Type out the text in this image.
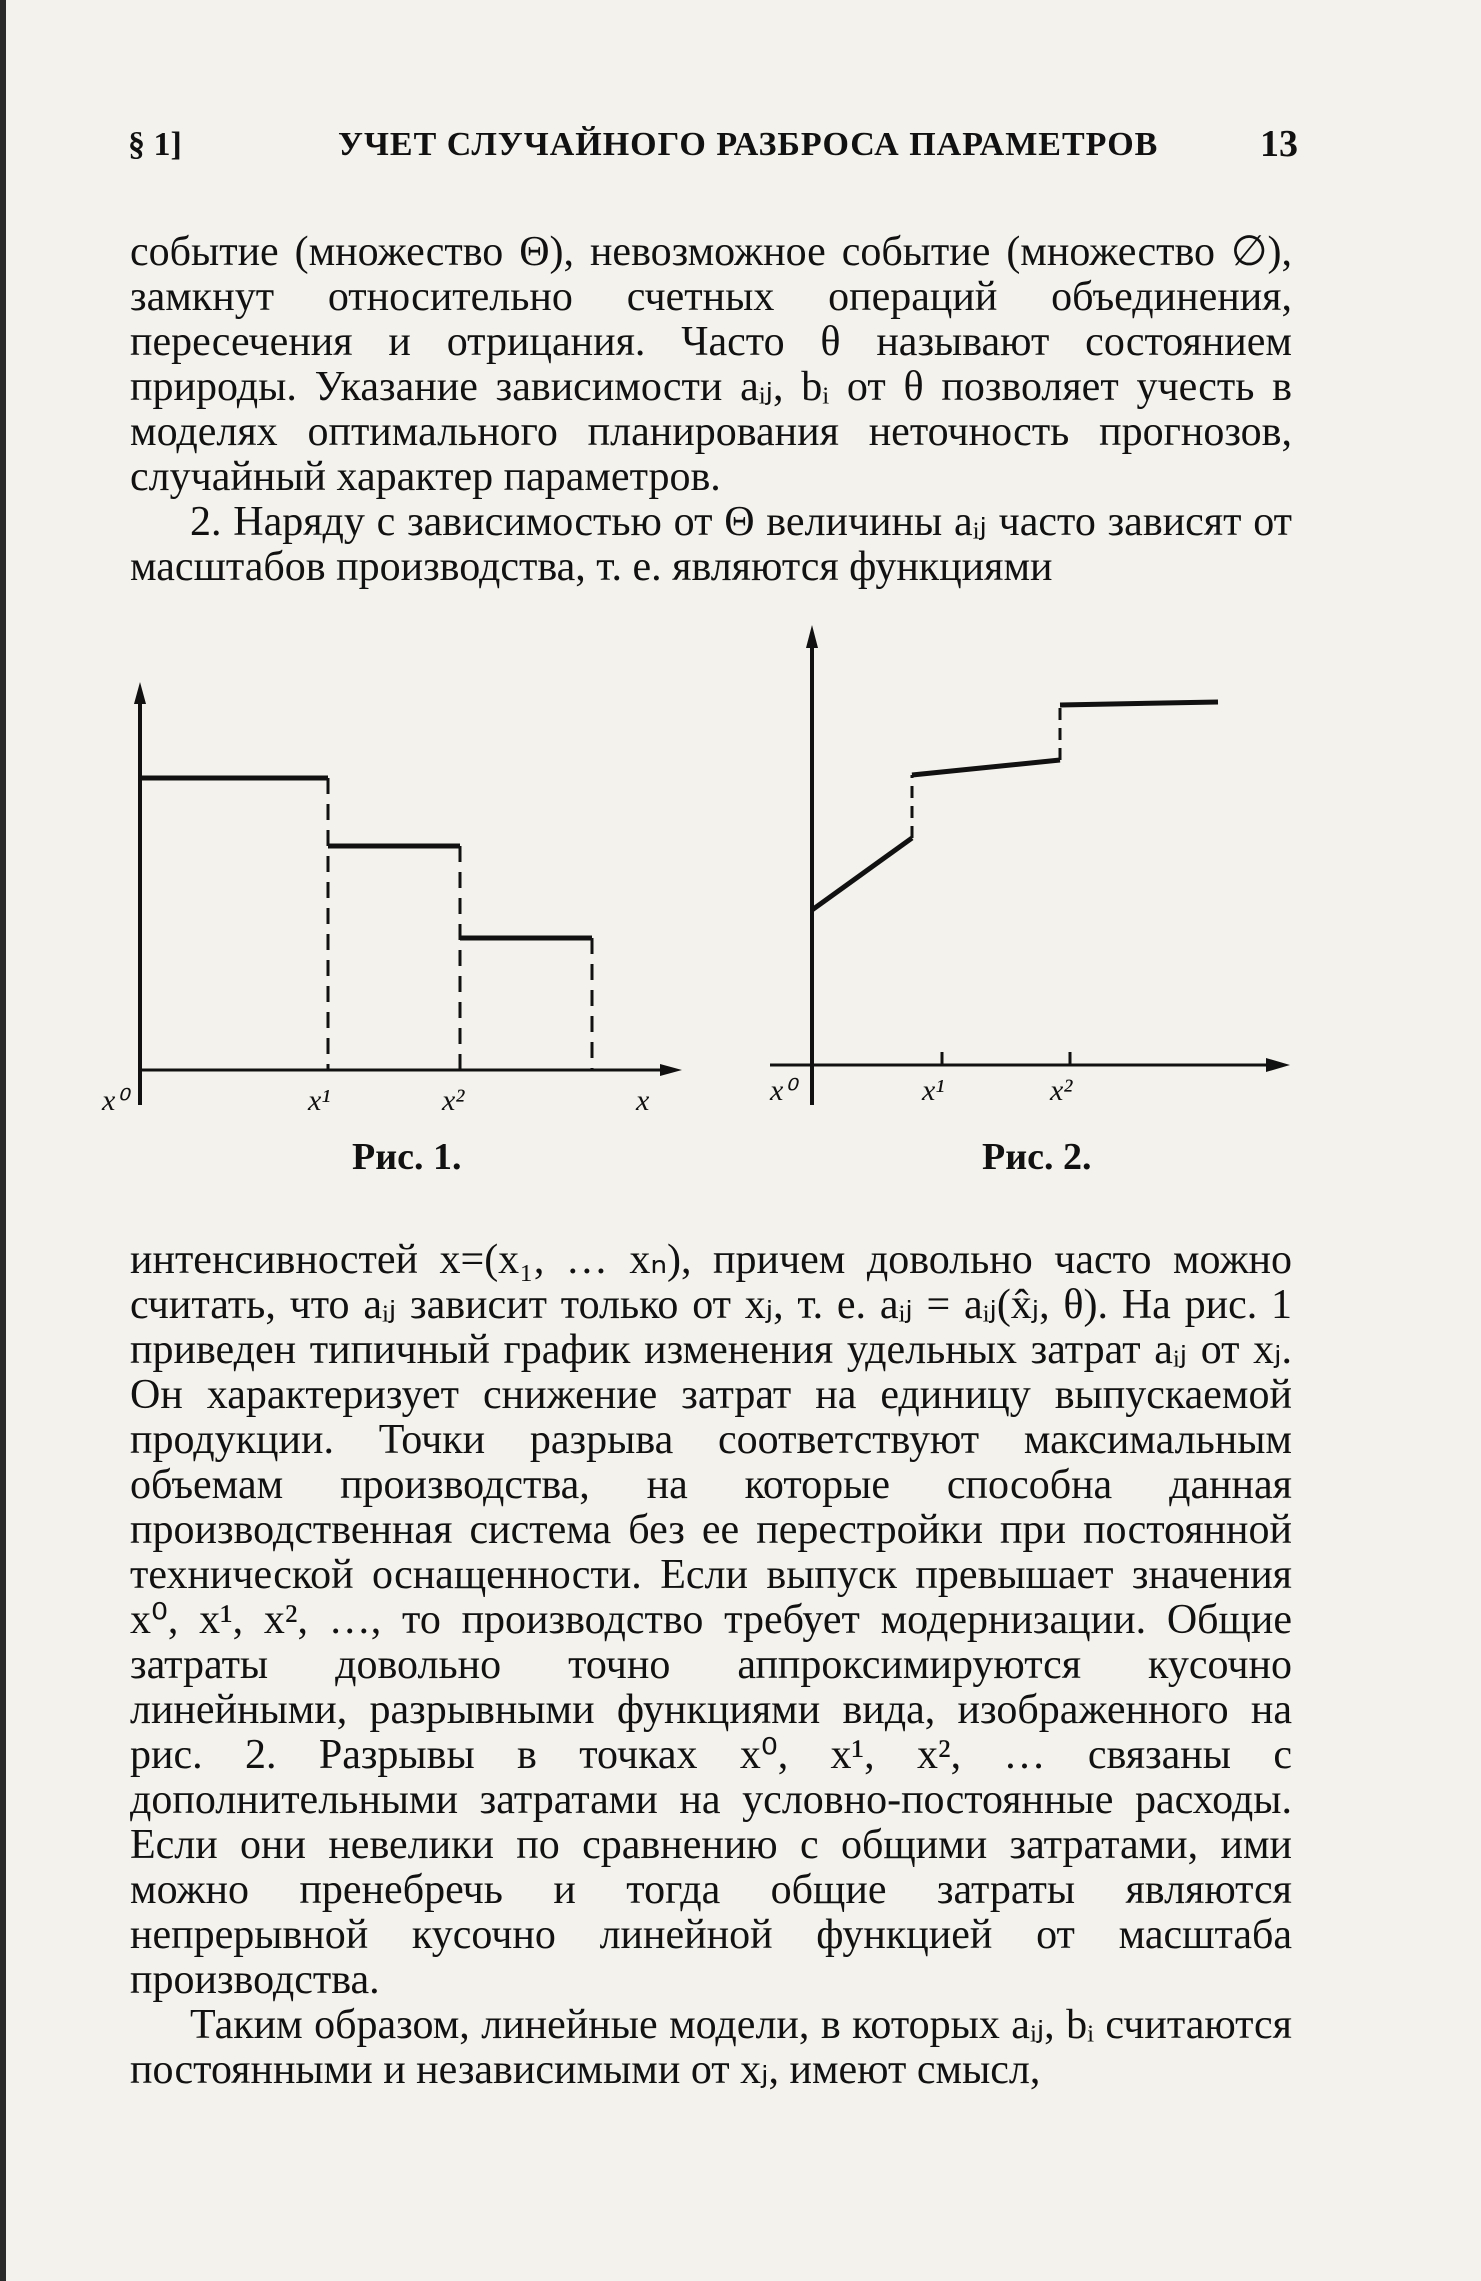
§ 1]	УЧЕТ СЛУЧАЙНОГО РАЗБРОСА ПАРАМЕТРОВ	13

событие (множество Θ), невозможное событие (множество ∅), замкнут относительно счетных операций объединения, пересечения и отрицания. Часто θ называют состоянием природы. Указание зависимости aᵢⱼ, bᵢ от θ позволяет учесть в моделях оптимального планирования неточность прогнозов, случайный характер параметров.

2. Наряду с зависимостью от Θ величины aᵢⱼ часто зависят от масштабов производства, т. е. являются функциями

x⁰	x¹	x²	x	x⁰	x¹	x²
Рис. 1.	Рис. 2.

интенсивностей x=(x₁, … xₙ), причем довольно часто можно считать, что aᵢⱼ зависит только от xⱼ, т. е. aᵢⱼ = aᵢⱼ(x̂ⱼ, θ). На рис. 1 приведен типичный график изменения удельных затрат aᵢⱼ от xⱼ. Он характеризует снижение затрат на единицу выпускаемой продукции. Точки разрыва соответствуют максимальным объемам производства, на которые способна данная производственная система без ее перестройки при постоянной технической оснащенности. Если выпуск превышает значения x⁰, x¹, x², …, то производство требует модернизации. Общие затраты довольно точно аппроксимируются кусочно линейными, разрывными функциями вида, изображенного на рис. 2. Разрывы в точках x⁰, x¹, x², … связаны с дополнительными затратами на условно-постоянные расходы. Если они невелики по сравнению с общими затратами, ими можно пренебречь и тогда общие затраты являются непрерывной кусочно линейной функцией от масштаба производства.

Таким образом, линейные модели, в которых aᵢⱼ, bᵢ считаются постоянными и независимыми от xⱼ, имеют смысл,
